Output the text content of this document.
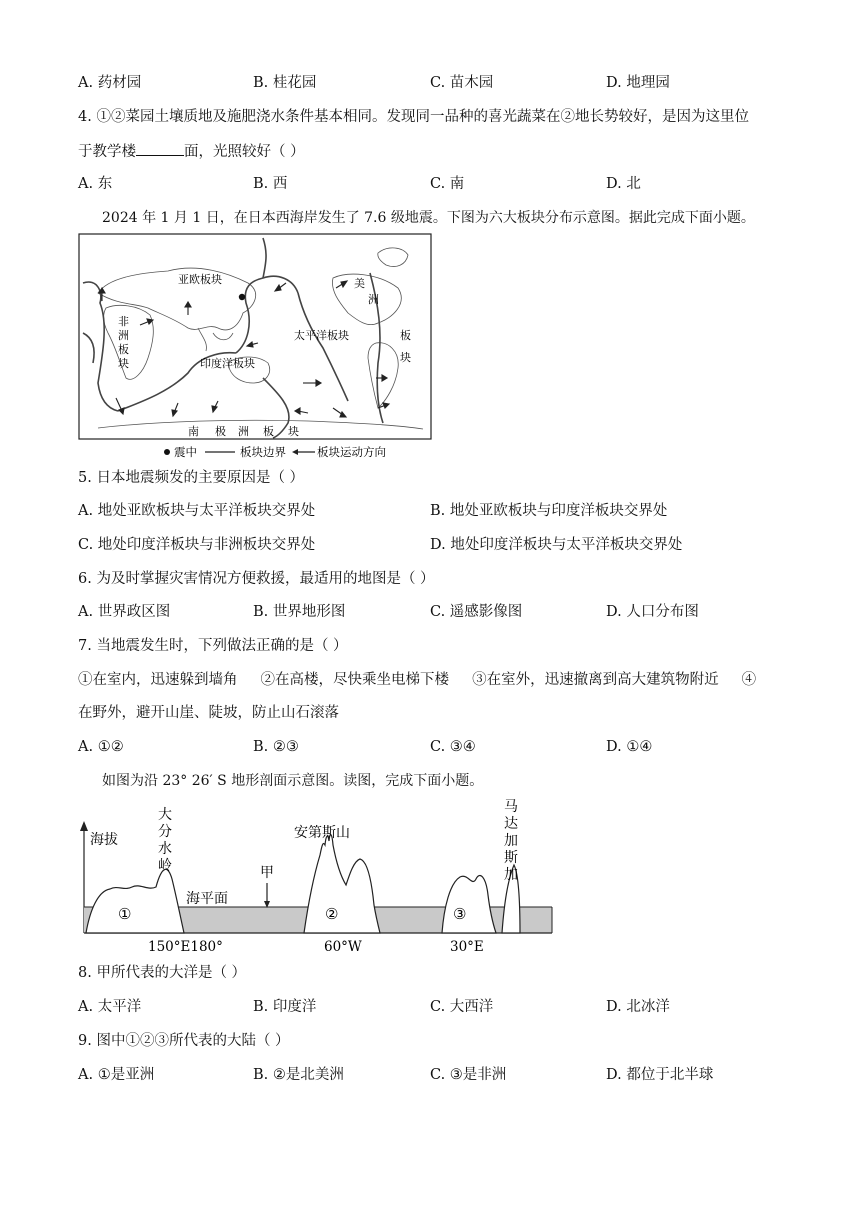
A. 药材园	B. 桂花园	C. 苗木园	D. 地理园
4. ①②菜园土壤质地及施肥浇水条件基本相同。发现同一品种的喜光蔬菜在②地长势较好，是因为这里位
于教学楼	面，光照较好（ ）
A. 东	B. 西	C. 南	D. 北
2024 年 1 月 1 日，在日本西海岸发生了 7.6 级地震。下图为六大板块分布示意图。据此完成下面小题。
亚欧板块
太平洋板块
印度洋板块
非
洲
板
块
美
洲
板
块
南 极 洲 板 块
震中	板块边界	板块运动方向
5. 日本地震频发的主要原因是（ ）
A. 地处亚欧板块与太平洋板块交界处	B. 地处亚欧板块与印度洋板块交界处
C. 地处印度洋板块与非洲板块交界处	D. 地处印度洋板块与太平洋板块交界处
6. 为及时掌握灾害情况方便救援，最适用的地图是（ ）
A. 世界政区图	B. 世界地形图	C. 遥感影像图	D. 人口分布图
7. 当地震发生时，下列做法正确的是（ ）
①在室内，迅速躲到墙角     ②在高楼，尽快乘坐电梯下楼     ③在室外，迅速撤离到高大建筑物附近     ④
在野外，避开山崖、陡坡，防止山石滚落
A. ①②	B. ②③	C. ③④	D. ①④
如图为沿 23° 26′ S 地形剖面示意图。读图，完成下面小题。
海拔
大
分
水
岭
安第斯山
马
达
加
斯
加
甲
海平面
①	②	③
150°E180°	60°W	30°E
8. 甲所代表的大洋是（ ）
A. 太平洋	B. 印度洋	C. 大西洋	D. 北冰洋
9. 图中①②③所代表的大陆（ ）
A. ①是亚洲	B. ②是北美洲	C. ③是非洲	D. 都位于北半球
